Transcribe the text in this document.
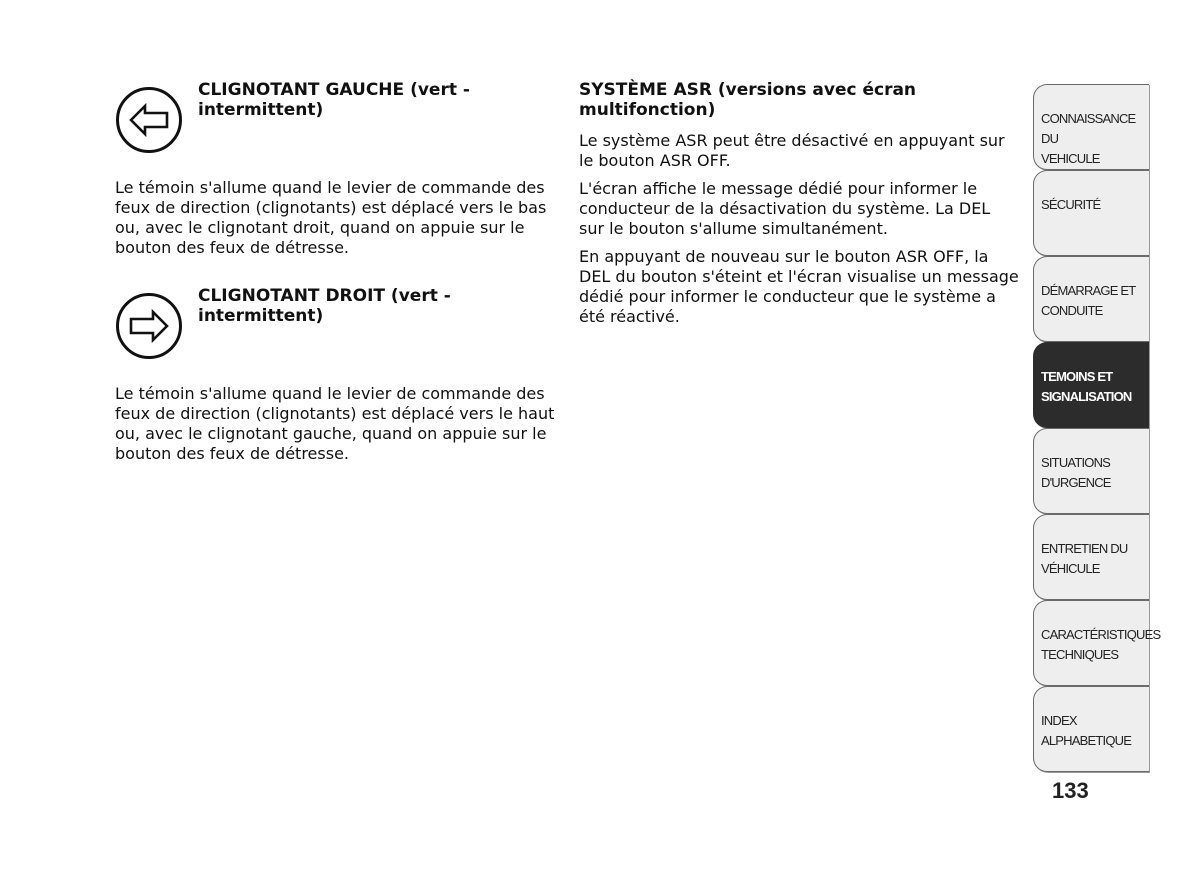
CLIGNOTANT GAUCHE (vert - intermittent)

Le témoin s'allume quand le levier de commande des feux de direction (clignotants) est déplacé vers le bas ou, avec le clignotant droit, quand on appuie sur le bouton des feux de détresse.

CLIGNOTANT DROIT (vert - intermittent)

Le témoin s'allume quand le levier de commande des feux de direction (clignotants) est déplacé vers le haut ou, avec le clignotant gauche, quand on appuie sur le bouton des feux de détresse.

SYSTÈME ASR (versions avec écran multifonction)

Le système ASR peut être désactivé en appuyant sur le bouton ASR OFF.

L'écran affiche le message dédié pour informer le conducteur de la désactivation du système. La DEL sur le bouton s'allume simultanément.

En appuyant de nouveau sur le bouton ASR OFF, la DEL du bouton s'éteint et l'écran visualise un message dédié pour informer le conducteur que le système a été réactivé.

CONNAISSANCE DU
VEHICULE
SÉCURITÉ
DÉMARRAGE ET
CONDUITE
TEMOINS ET
SIGNALISATION
SITUATIONS
D'URGENCE
ENTRETIEN DU
VÉHICULE
CARACTÉRISTIQUES
TECHNIQUES
INDEX
ALPHABETIQUE
133
